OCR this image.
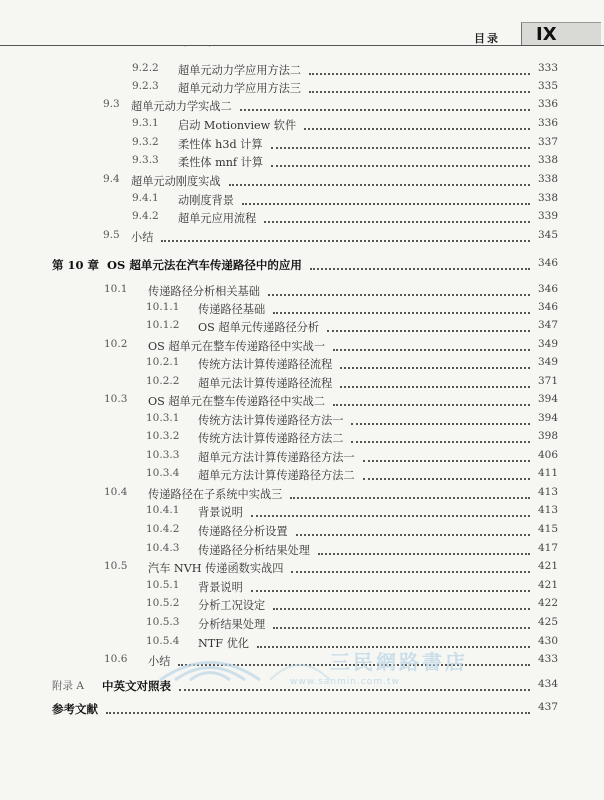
目录	IX
9.2.2 超单元动力学应用方法二	333
9.2.3 超单元动力学应用方法三	335
9.3 超单元动力学实战二	336
9.3.1 启动 Motionview 软件	336
9.3.2 柔性体 h3d 计算	337
9.3.3 柔性体 mnf 计算	338
9.4 超单元动刚度实战	338
9.4.1 动刚度背景	338
9.4.2 超单元应用流程	339
9.5 小结	345
第 10 章 OS 超单元法在汽车传递路径中的应用	346
10.1 传递路径分析相关基础	346
10.1.1 传递路径基础	346
10.1.2 OS 超单元传递路径分析	347
10.2 OS 超单元在整车传递路径中实战一	349
10.2.1 传统方法计算传递路径流程	349
10.2.2 超单元法计算传递路径流程	371
10.3 OS 超单元在整车传递路径中实战二	394
10.3.1 传统方法计算传递路径方法一	394
10.3.2 传统方法计算传递路径方法二	398
10.3.3 超单元方法计算传递路径方法一	406
10.3.4 超单元方法计算传递路径方法二	411
10.4 传递路径在子系统中实战三	413
10.4.1 背景说明	413
10.4.2 传递路径分析设置	415
10.4.3 传递路径分析结果处理	417
10.5 汽车 NVH 传递函数实战四	421
10.5.1 背景说明	421
10.5.2 分析工况设定	422
10.5.3 分析结果处理	425
10.5.4 NTF 优化	430
10.6 小结	433
附录 A 中英文对照表	434
参考文献	437
三民網路書店
www.sanmin.com.tw
